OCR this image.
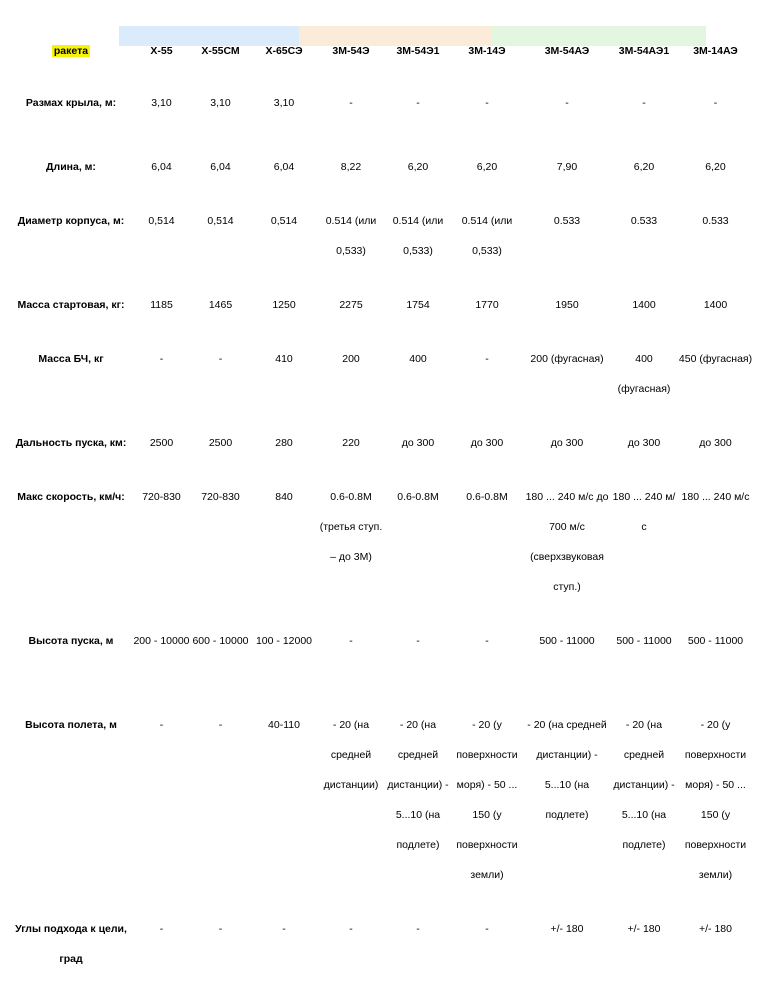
ракета	Х-55	Х-55СМ	Х-65СЭ	3М-54Э	3М-54Э1	3М-14Э	3М-54АЭ	3М-54АЭ1	3М-14АЭ
Размах крыла, м:	3,10	3,10	3,10	-	-	-	-	-	-
Длина, м:	6,04	6,04	6,04	8,22	6,20	6,20	7,90	6,20	6,20
Диаметр корпуса, м:	0,514	0,514	0,514	0.514 (или 0,533)	0.514 (или 0,533)	0.514 (или 0,533)	0.533	0.533	0.533
Масса стартовая, кг:	1185	1465	1250	2275	1754	1770	1950	1400	1400
Масса БЧ, кг	-	-	410	200	400	-	200 (фугасная)	400 (фугасная)	450 (фугасная)
Дальность пуска, км:	2500	2500	280	220	до 300	до 300	до 300	до 300	до 300
Макс скорость, км/ч:	720-830	720-830	840	0.6-0.8М (третья ступ. – до 3М)	0.6-0.8М	0.6-0.8М	180 ... 240 м/с до 700 м/с (сверхзвуковая ступ.)	180 ... 240 м/с	180 ... 240 м/с
Высота пуска, м	200 - 10000	600 - 10000	100 - 12000	-	-	-	500 - 11000	500 - 11000	500 - 11000
Высота полета, м	-	-	40-110	- 20 (на средней дистанции)	- 20 (на средней дистанции) - 5...10 (на подлете)	- 20 (у поверхности моря) - 50 ... 150 (у поверхности земли)	- 20 (на средней дистанции) - 5...10 (на подлете)	- 20 (на средней дистанции) - 5...10 (на подлете)	- 20 (у поверхности моря) - 50 ... 150 (у поверхности земли)
Углы подхода к цели, град	-	-	-	-	-	-	+/- 180	+/- 180	+/- 180
